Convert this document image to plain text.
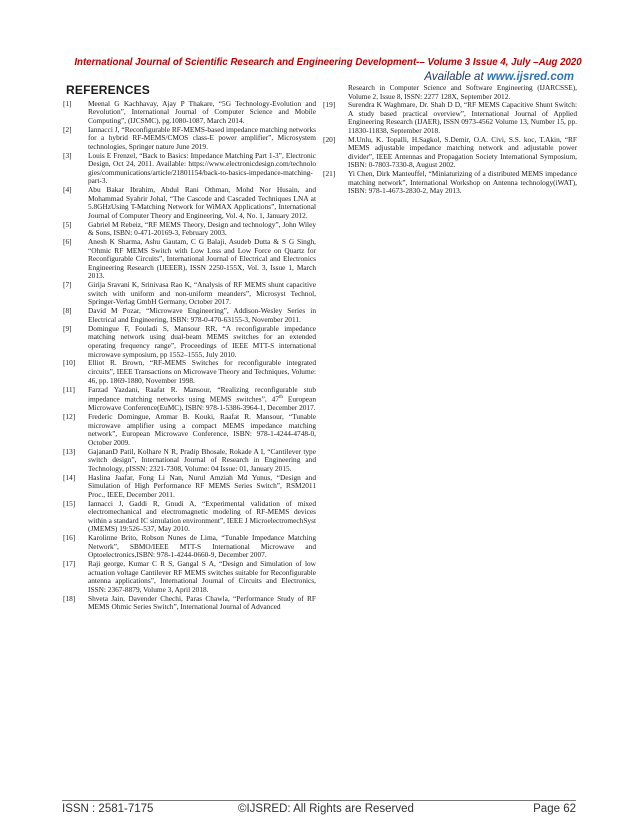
International Journal of Scientific Research and Engineering Development-– Volume 3 Issue 4, July –Aug 2020
Available at www.ijsred.com
REFERENCES
[1] Meenal G Kachhavay, Ajay P Thakare, “5G Technology-Evolution and Revolution”, International Journal of Computer Science and Mobile Computing”, (IJCSMC), pg.1080-1087, March 2014.
[2] Iannacci J, “Reconfigurable RF-MEMS-based impedance matching networks for a hybrid RF-MEMS/CMOS class-E power amplifier”, Microsystem technologies, Springer nature June 2019.
[3] Louis E Frenzel, “Back to Basics: Impedance Matching Part 1-3”, Electronic Design, Oct 24, 2011. Available: https://www.electronicdesign.com/technologies/communications/article/21801154/back-to-basics-impedance-matching-part-3.
[4] Abu Bakar Ibrahim, Abdul Rani Othman, Mohd Nor Husain, and Mohammad Syahrir Johal, “The Cascode and Cascaded Techniques LNA at 5.8GHzUsing T-Matching Network for WiMAX Applications”, International Journal of Computer Theory and Engineering, Vol. 4, No. 1, January 2012.
[5] Gabriel M Rebeiz, “RF MEMS Theory, Design and technology”, John Wiley & Sons, ISBN: 0-471-20169-3, February 2003.
[6] Anesh K Sharma, Ashu Gautam, C G Balaji, Asudeb Dutta & S G Singh, “Ohmic RF MEMS Switch with Low Loss and Low Force on Quartz for Reconfigurable Circuits”, International Journal of Electrical and Electronics Engineering Research (IJEEER), ISSN 2250-155X, Vol. 3, Issue 1, March 2013.
[7] Girija Sravani K, Srinivasa Rao K, “Analysis of RF MEMS shunt capacitive switch with uniform and non-uniform meanders”, Microsyst Technol, Springer-Verlag GmbH Germany, October 2017.
[8] David M Pozar, “Microwave Engineering”, Addison-Wesley Series in Electrical and Engineering, ISBN: 978-0-470-63155-3, November 2011.
[9] Domingue F, Fouladi S, Mansour RR, “A reconfigurable impedance matching network using dual-beam MEMS switches for an extended operating frequency range”, Proceedings of IEEE MTT-S international microwave symposium, pp 1552–1555, July 2010.
[10] Elliot R. Brown, “RF-MEMS Switches for reconfigurable integrated circuits”, IEEE Transactions on Microwave Theory and Techniques, Volume: 46, pp. 1869-1880, November 1998.
[11] Farzad Yazdani, Raafat R. Mansour, “Realizing reconfigurable stub impedance matching networks using MEMS switches”, 47th European Microwave Conference(EuMC), ISBN: 978-1-5386-3964-1, December 2017.
[12] Frederic Domingue, Ammar B. Kouki, Raafat R. Mansour, “Tunable microwave amplifier using a compact MEMS impedance matching network”, European Microwave Conference, ISBN: 978-1-4244-4748-0, October 2009.
[13] GajananD Patil, Kolhare N R, Pradip Bhosale, Rokade A I, “Cantilever type switch design”, International Journal of Research in Engineering and Technology, pISSN: 2321-7308, Volume: 04 Issue: 01, January 2015.
[14] Haslina Jaafar, Fong Li Nan, Nurul Amziah Md Yunus, “Design and Simulation of High Performance RF MEMS Series Switch”, RSM2011 Proc., IEEE, December 2011.
[15] Iannacci J, Gaddi R, Gnudi A, “Experimental validation of mixed electromechanical and electromagnetic modeling of RF-MEMS devices within a standard IC simulation environment”, IEEE J MicroelectromechSyst (JMEMS) 19:526–537, May 2010.
[16] Karolinne Brito, Robson Nunes de Lima, “Tunable Impedance Matching Network”, SBMO/IEEE MTT-S International Microwave and Optoelectronics,ISBN: 978-1-4244-0660-9, December 2007.
[17] Raji george, Kumar C R S, Gangal S A, “Design and Simulation of low actuation voltage Cantilever RF MEMS switches suitable for Reconfigurable antenna applications”, International Journal of Circuits and Electronics, ISSN: 2367-8879, Volume 3, April 2018.
[18] Shveta Jain, Davender Chechi, Paras Chawla, “Performance Study of RF MEMS Ohmic Series Switch”, International Journal of Advanced
Research in Computer Science and Software Engineering (IJARCSSE), Volume 2, Issue 8, ISSN: 2277 128X, September 2012.
[19] Surendra K Waghmare, Dr. Shah D D, “RF MEMS Capacitive Shunt Switch: A study based practical overview”, International Journal of Applied Engineering Research (IJAER), ISSN 0973-4562 Volume 13, Number 15, pp. 11830-11838, September 2018.
[20] M.Unlu, K. Topalli, H.Sagkol, S.Demir, O.A. Civi, S.S. koc, T.Akin, “RF MEMS adjustable impedance matching network and adjustable power divider”, IEEE Antennas and Propagation Society International Symposium, ISBN: 0-7803-7330-8, August 2002.
[21] Yi Chen, Dirk Manteuffel, “Miniaturizing of a distributed MEMS impedance matching network”, International Workshop on Antenna technology(iWAT), ISBN: 978-1-4673-2830-2, May 2013.
ISSN : 2581-7175	©IJSRED: All Rights are Reserved	Page 62
